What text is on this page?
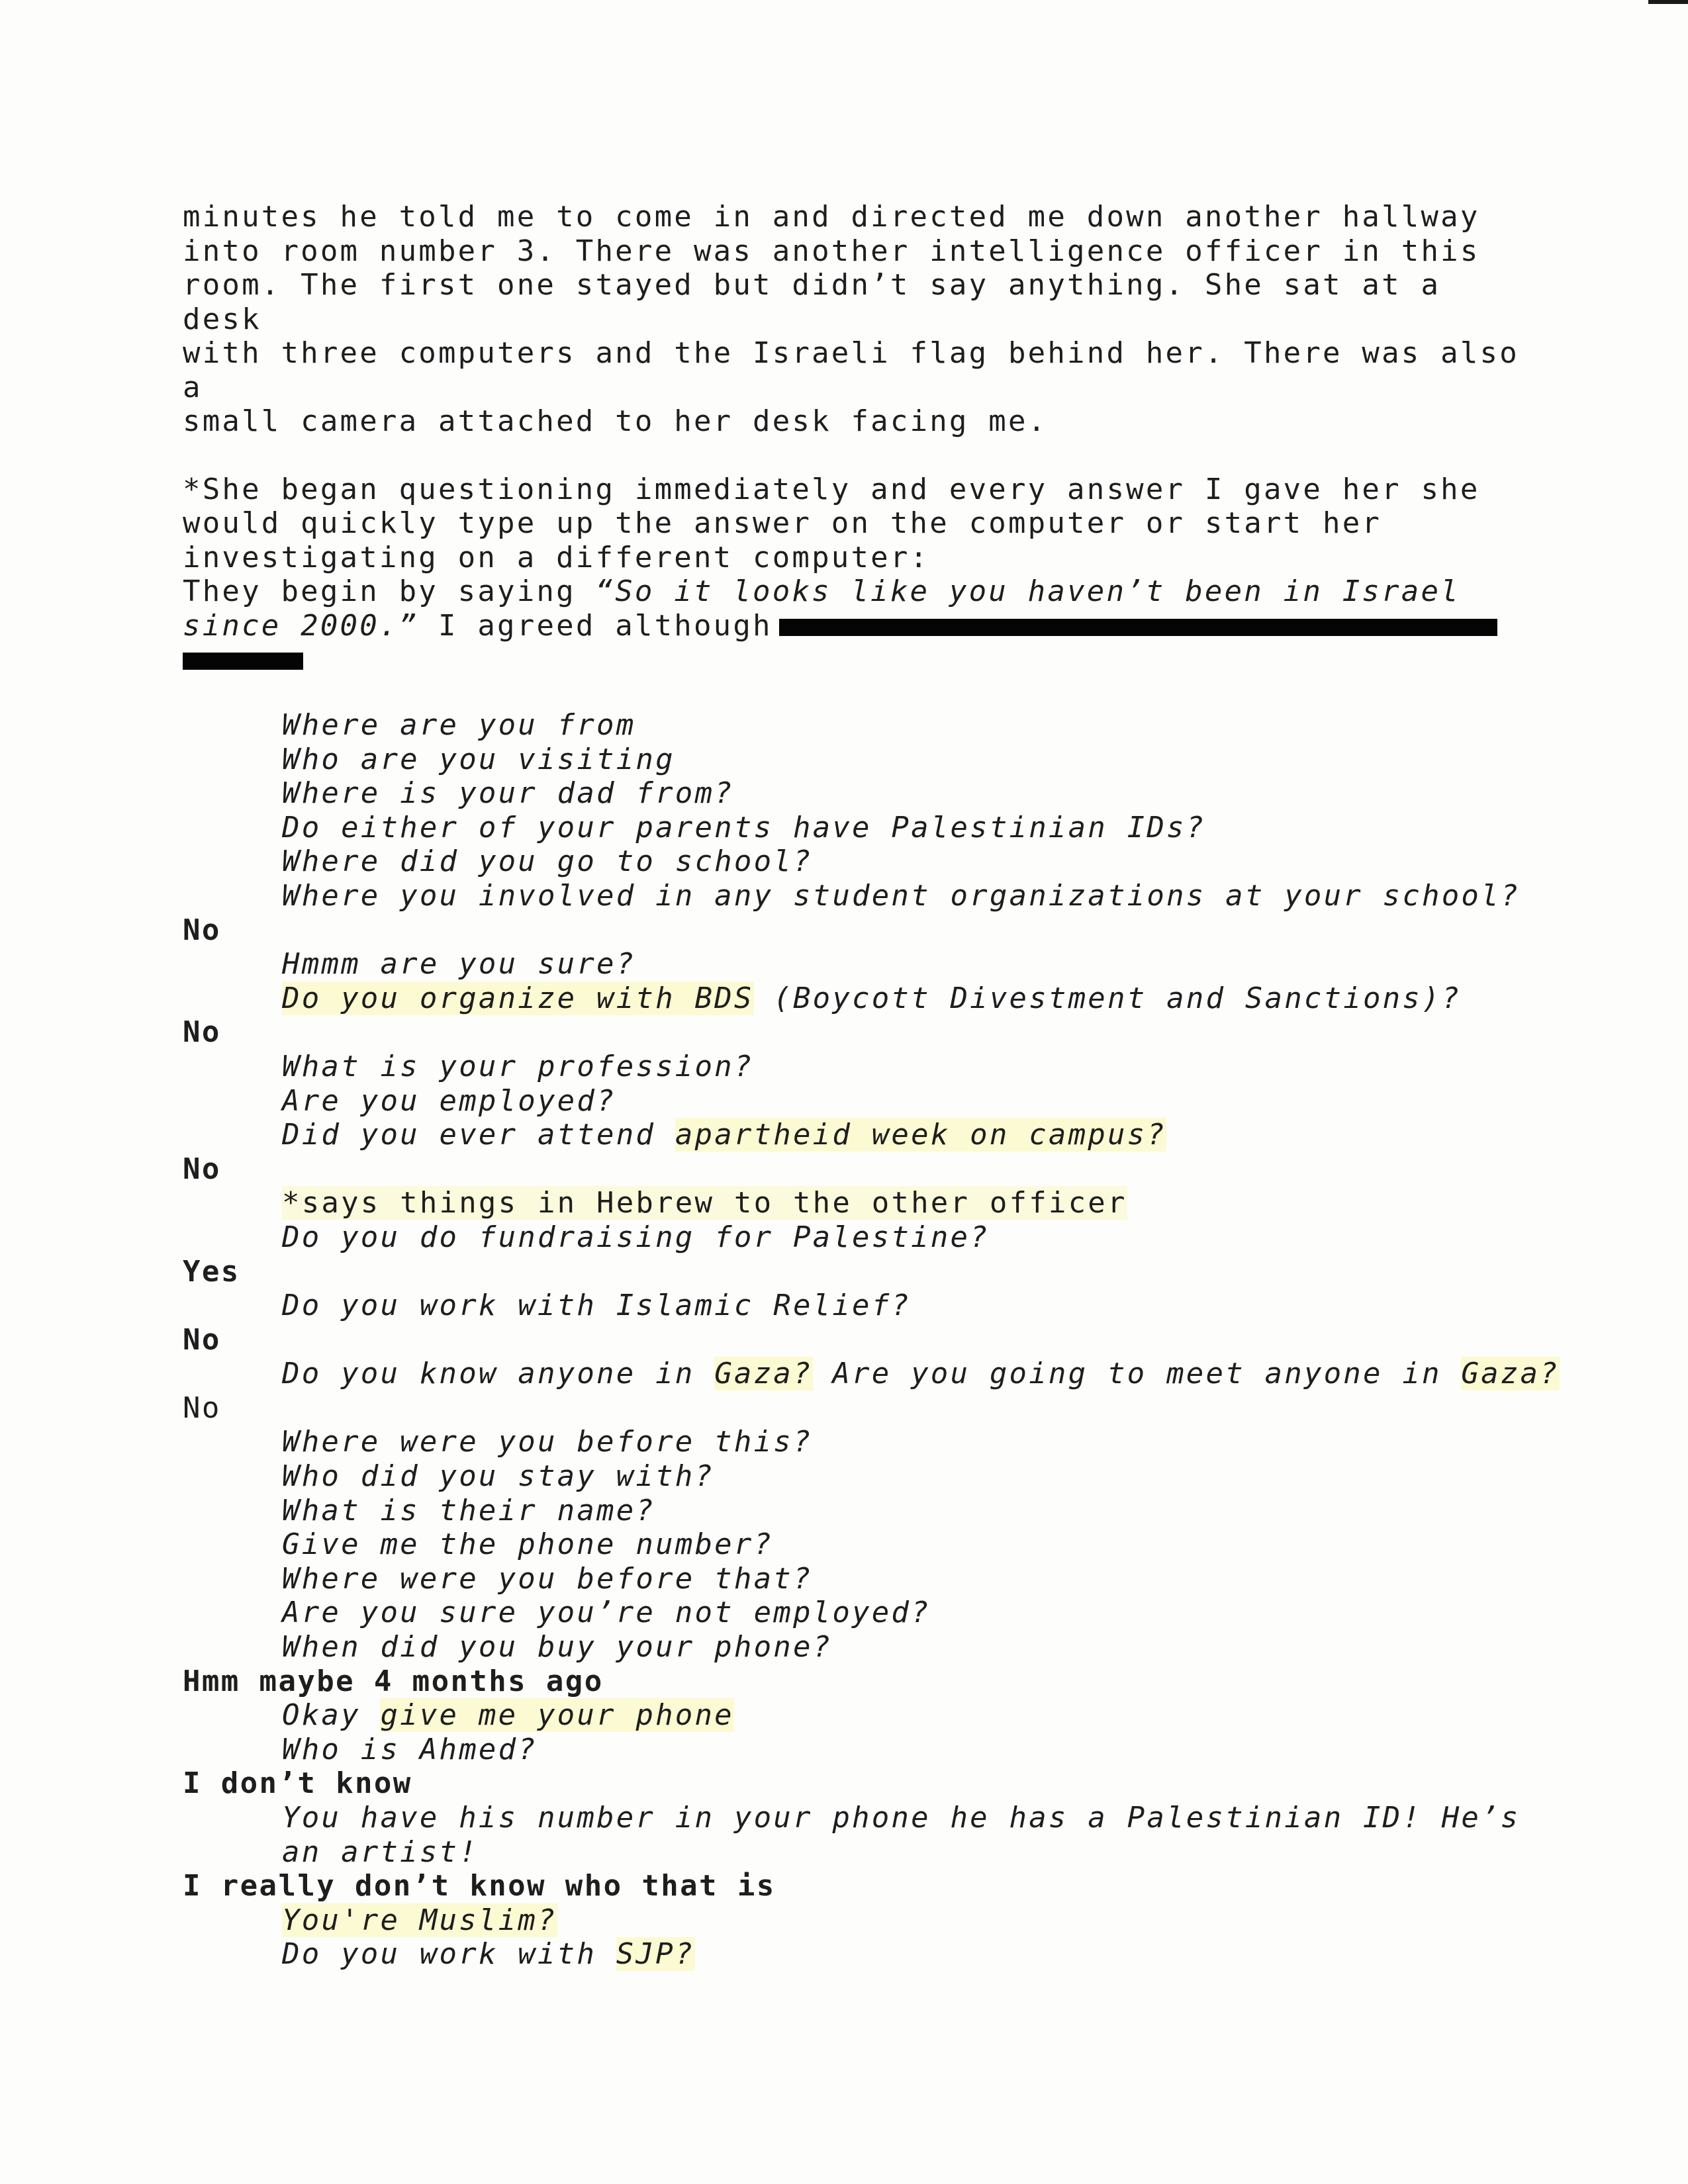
minutes he told me to come in and directed me down another hallway
into room number 3. There was another intelligence officer in this
room. The first one stayed but didn’t say anything. She sat at a desk
with three computers and the Israeli flag behind her. There was also a
small camera attached to her desk facing me.

*She began questioning immediately and every answer I gave her she
would quickly type up the answer on the computer or start her
investigating on a different computer:
They begin by saying “So it looks like you haven’t been in Israel
since 2000.” I agreed although

Where are you from
Who are you visiting
Where is your dad from?
Do either of your parents have Palestinian IDs?
Where did you go to school?
Where you involved in any student organizations at your school?
No
Hmmm are you sure?
Do you organize with BDS (Boycott Divestment and Sanctions)?
No
What is your profession?
Are you employed?
Did you ever attend apartheid week on campus?
No
*says things in Hebrew to the other officer
Do you do fundraising for Palestine?
Yes
Do you work with Islamic Relief?
No
Do you know anyone in Gaza? Are you going to meet anyone in Gaza?
No
Where were you before this?
Who did you stay with?
What is their name?
Give me the phone number?
Where were you before that?
Are you sure you’re not employed?
When did you buy your phone?
Hmm maybe 4 months ago
Okay give me your phone
Who is Ahmed?
I don’t know
You have his number in your phone he has a Palestinian ID! He’s
an artist!
I really don’t know who that is
You're Muslim?
Do you work with SJP?
